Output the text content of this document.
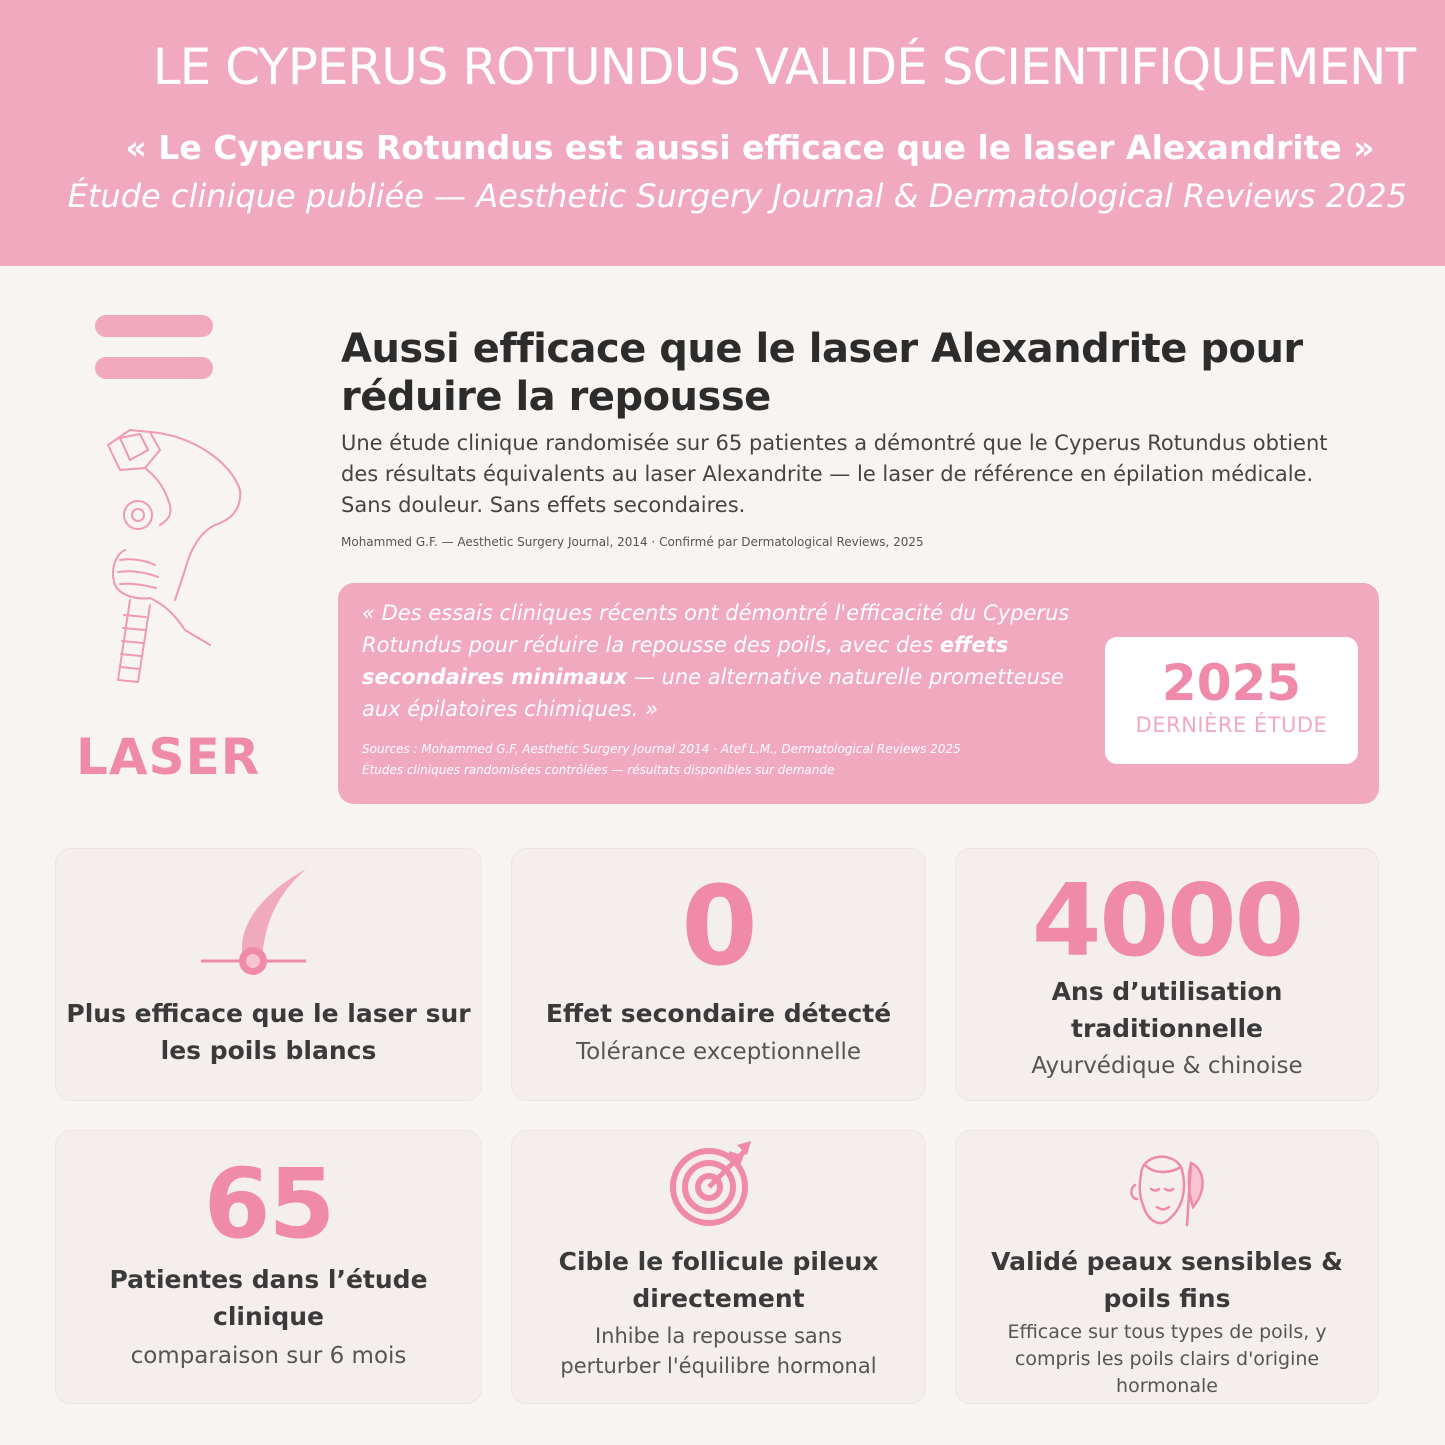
LE CYPERUS ROTUNDUS VALIDÉ SCIENTIFIQUEMENT
« Le Cyperus Rotundus est aussi efficace que le laser Alexandrite »
Étude clinique publiée — Aesthetic Surgery Journal & Dermatological Reviews 2025
LASER
Aussi efficace que le laser Alexandrite pour réduire la repousse
Une étude clinique randomisée sur 65 patientes a démontré que le Cyperus Rotundus obtient des résultats équivalents au laser Alexandrite — le laser de référence en épilation médicale. Sans douleur. Sans effets secondaires.
Mohammed G.F. — Aesthetic Surgery Journal, 2014 · Confirmé par Dermatological Reviews, 2025
« Des essais cliniques récents ont démontré l'efficacité du Cyperus Rotundus pour réduire la repousse des poils, avec des effets secondaires minimaux — une alternative naturelle prometteuse aux épilatoires chimiques. »
Sources : Mohammed G.F, Aesthetic Surgery Journal 2014 · Atef L.M., Dermatological Reviews 2025
Études cliniques randomisées contrôlées — résultats disponibles sur demande
2025
DERNIÈRE ÉTUDE
Plus efficace que le laser sur les poils blancs
0
Effet secondaire détecté
Tolérance exceptionnelle
4000
Ans d’utilisation traditionnelle
Ayurvédique & chinoise
65
Patientes dans l’étude clinique
comparaison sur 6 mois
Cible le follicule pileux directement
Inhibe la repousse sans perturber l'équilibre hormonal
Validé peaux sensibles & poils fins
Efficace sur tous types de poils, y compris les poils clairs d'origine hormonale
